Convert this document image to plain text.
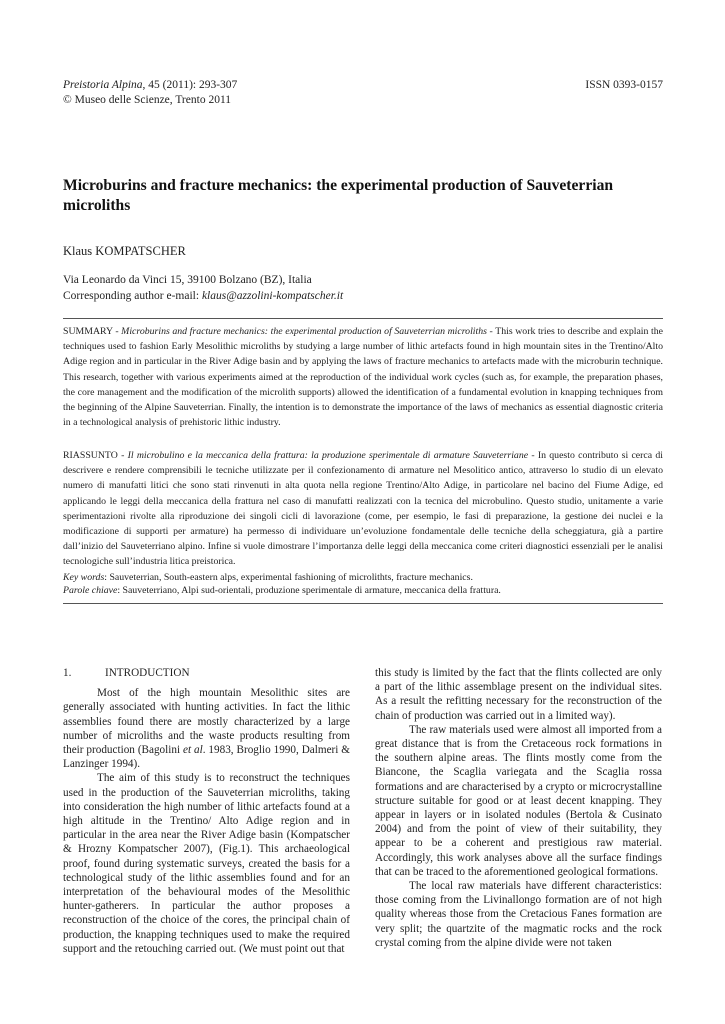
Preistoria Alpina, 45 (2011): 293-307
© Museo delle Scienze, Trento 2011
ISSN 0393-0157
Microburins and fracture mechanics: the experimental production of Sauveterrian microliths
Klaus KOMPATSCHER
Via Leonardo da Vinci 15, 39100 Bolzano (BZ), Italia
Corresponding author e-mail: klaus@azzolini-kompatscher.it
SUMMARY - Microburins and fracture mechanics: the experimental production of Sauveterrian microliths - This work tries to describe and explain the techniques used to fashion Early Mesolithic microliths by studying a large number of lithic artefacts found in high mountain sites in the Trentino/Alto Adige region and in particular in the River Adige basin and by applying the laws of fracture mechanics to artefacts made with the microburin technique. This research, together with various experiments aimed at the reproduction of the individual work cycles (such as, for example, the preparation phases, the core management and the modification of the microlith supports) allowed the identification of a fundamental evolution in knapping techniques from the beginning of the Alpine Sauveterrian. Finally, the intention is to demonstrate the importance of the laws of mechanics as essential diagnostic criteria in a technological analysis of prehistoric lithic industry.
RIASSUNTO - Il microbulino e la meccanica della frattura: la produzione sperimentale di armature Sauveterriane - In questo contributo si cerca di descrivere e rendere comprensibili le tecniche utilizzate per il confezionamento di armature nel Mesolitico antico, attraverso lo studio di un elevato numero di manufatti litici che sono stati rinvenuti in alta quota nella regione Trentino/Alto Adige, in particolare nel bacino del Fiume Adige, ed applicando le leggi della meccanica della frattura nel caso di manufatti realizzati con la tecnica del microbulino. Questo studio, unitamente a varie sperimentazioni rivolte alla riproduzione dei singoli cicli di lavorazione (come, per esempio, le fasi di preparazione, la gestione dei nuclei e la modificazione di supporti per armature) ha permesso di individuare un’evoluzione fondamentale delle tecniche della scheggiatura, già a partire dall’inizio del Sauveterriano alpino. Infine si vuole dimostrare l’importanza delle leggi della meccanica come criteri diagnostici essenziali per le analisi tecnologiche sull’industria litica preistorica.
Key words: Sauveterrian, South-eastern alps, experimental fashioning of microlithts, fracture mechanics.
Parole chiave: Sauveterriano, Alpi sud-orientali, produzione sperimentale di armature, meccanica della frattura.

1.	INTRODUCTION

Most of the high mountain Mesolithic sites are generally associated with hunting activities. In fact the lithic assemblies found there are mostly characterized by a large number of microliths and the waste products resulting from their production (Bagolini et al. 1983, Broglio 1990, Dalmeri & Lanzinger 1994).

The aim of this study is to reconstruct the techniques used in the production of the Sauveterrian microliths, taking into consideration the high number of lithic artefacts found at a high altitude in the Trentino/ Alto Adige region and in particular in the area near the River Adige basin (Kompatscher & Hrozny Kompatscher 2007), (Fig.1). This archaeological proof, found during systematic surveys, created the basis for a technological study of the lithic assemblies found and for an interpretation of the behavioural modes of the Mesolithic hunter-gatherers. In particular the author proposes a reconstruction of the choice of the cores, the principal chain of production, the knapping techniques used to make the required support and the retouching carried out. (We must point out that

this study is limited by the fact that the flints collected are only a part of the lithic assemblage present on the individual sites. As a result the refitting necessary for the reconstruction of the chain of production was carried out in a limited way).

The raw materials used were almost all imported from a great distance that is from the Cretaceous rock formations in the southern alpine areas. The flints mostly come from the Biancone, the Scaglia variegata and the Scaglia rossa formations and are characterised by a crypto or microcrystalline structure suitable for good or at least decent knapping. They appear in layers or in isolated nodules (Bertola & Cusinato 2004) and from the point of view of their suitability, they appear to be a coherent and prestigious raw material. Accordingly, this work analyses above all the surface findings that can be traced to the aforementioned geological formations.

The local raw materials have different characteristics: those coming from the Livinallongo formation are of not high quality whereas those from the Cretacious Fanes formation are very split; the quartzite of the magmatic rocks and the rock crystal coming from the alpine divide were not taken
